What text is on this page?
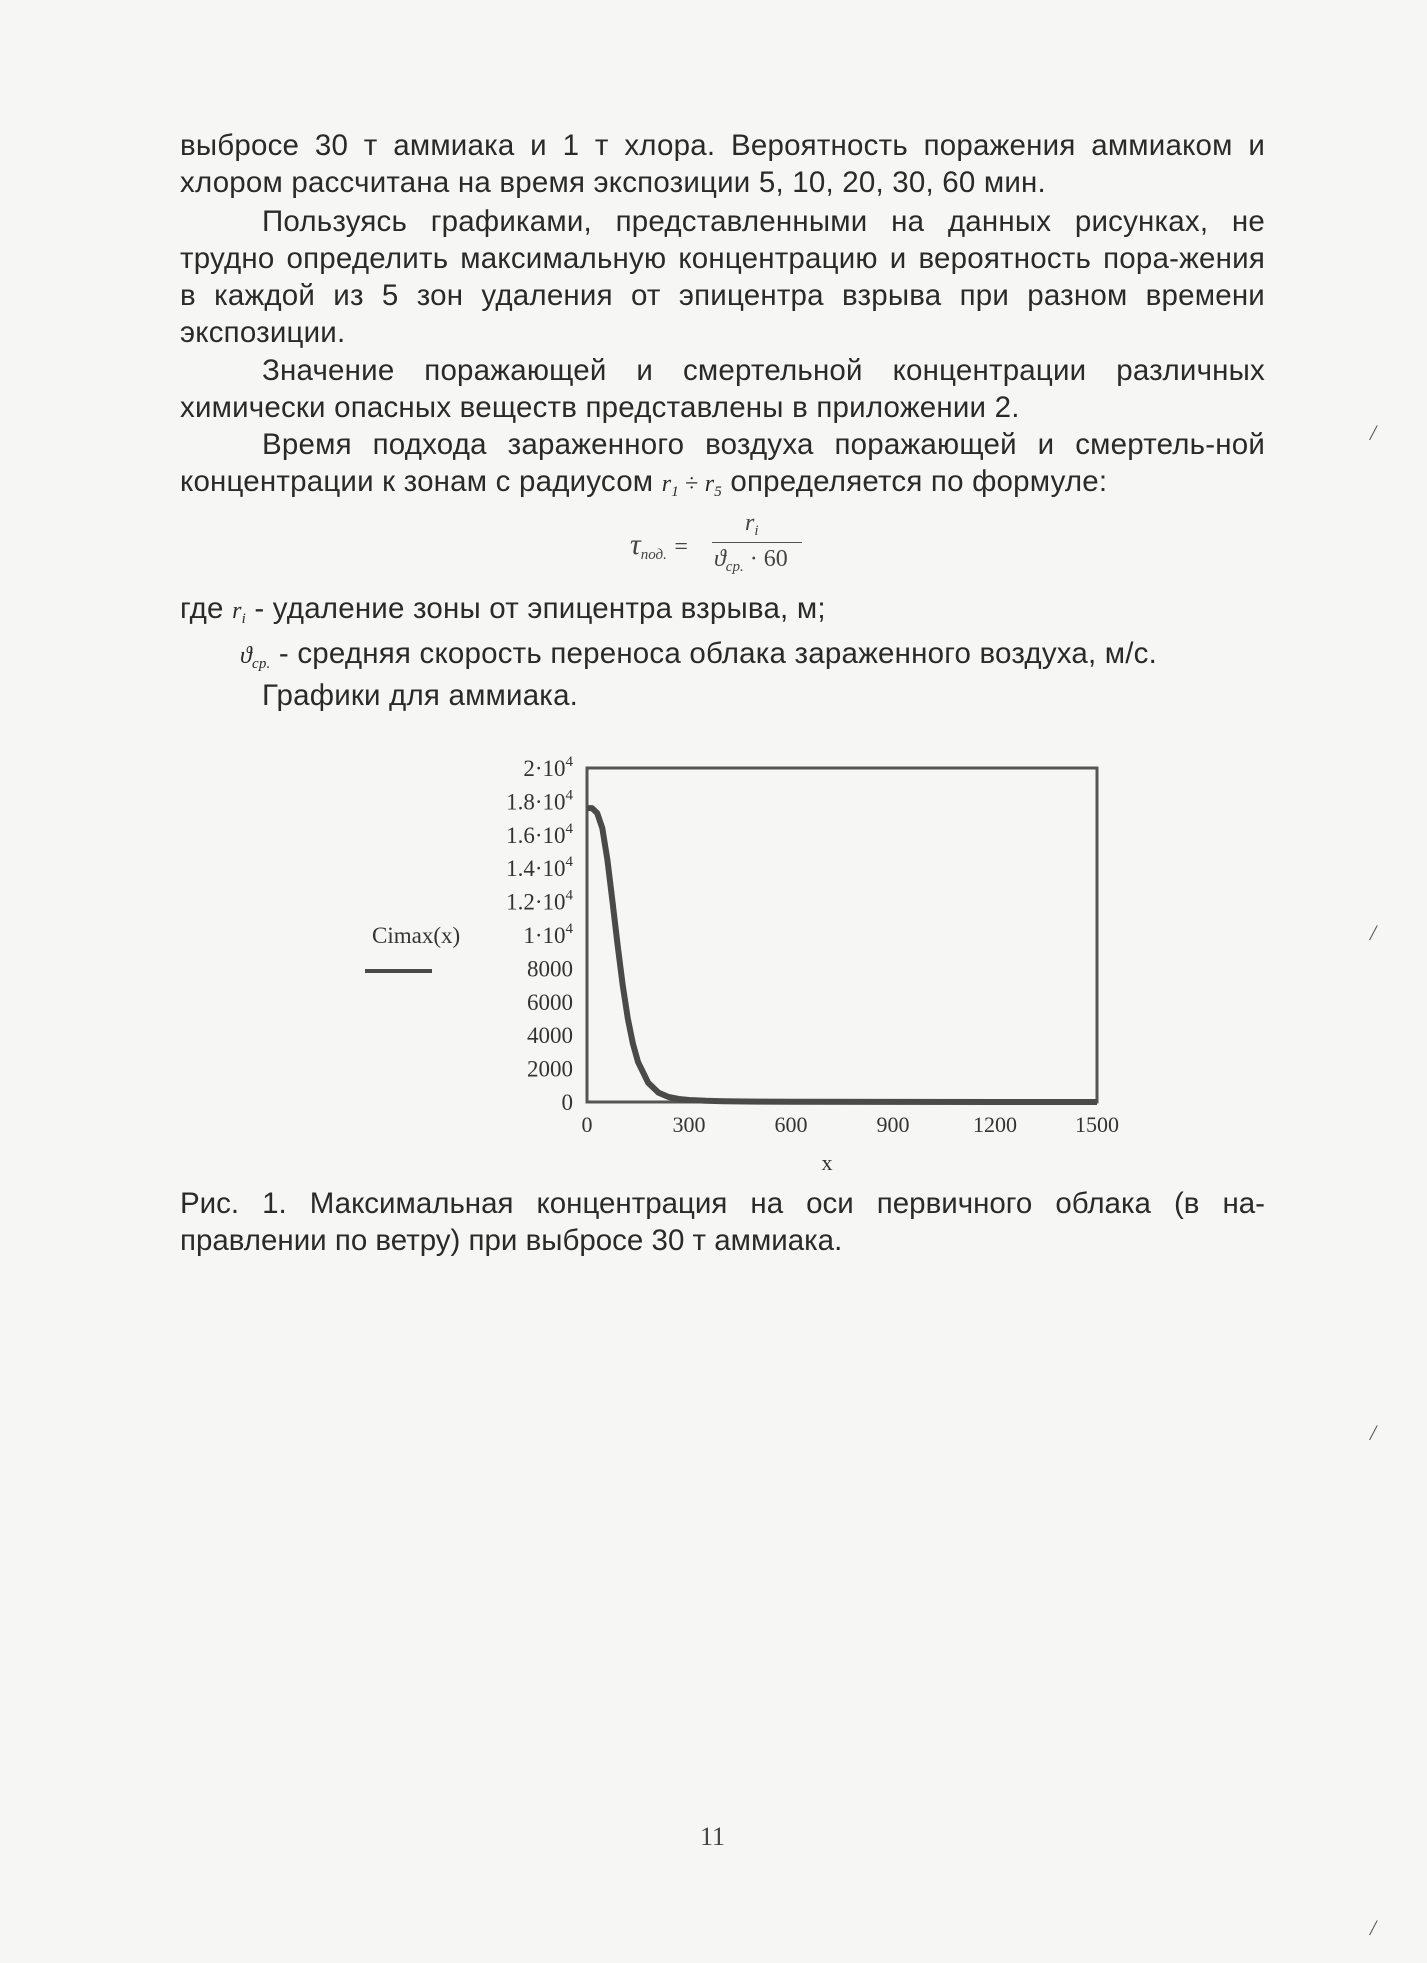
выбросе 30 т аммиака и 1 т хлора. Вероятность поражения аммиаком и хлором рассчитана на время экспозиции 5, 10, 20, 30, 60 мин.
Пользуясь графиками, представленными на данных рисунках, не трудно определить максимальную концентрацию и вероятность пора-жения в каждой из 5 зон удаления от эпицентра взрыва при разном времени экспозиции.
Значение поражающей и смертельной концентрации различных химически опасных веществ представлены в приложении 2.
Время подхода зараженного воздуха поражающей и смертель-ной концентрации к зонам с радиусом $r_1 \div r_5$ определяется по формуле:
$\tau_{под.}$ =
$r_i$
$ϑ_{ср.} \cdot 60$
где $r_i$ - удаление зоны от эпицентра взрыва, м;
$ϑ_{ср.}$ - средняя скорость переноса облака зараженного воздуха, м/с.
Графики для аммиака.
$2\cdot 10^4$
$1.8\cdot 10^4$
$1.6\cdot 10^4$
$1.4\cdot 10^4$
$1.2\cdot 10^4$
$1\cdot 10^4$
8000
6000
4000
2000
0
0	300	600	900	1200	1500
Cimax(x)
x
Рис. 1. Максимальная концентрация на оси первичного облака (в на-правлении по ветру) при выбросе 30 т аммиака.
11
/
/
/
/
